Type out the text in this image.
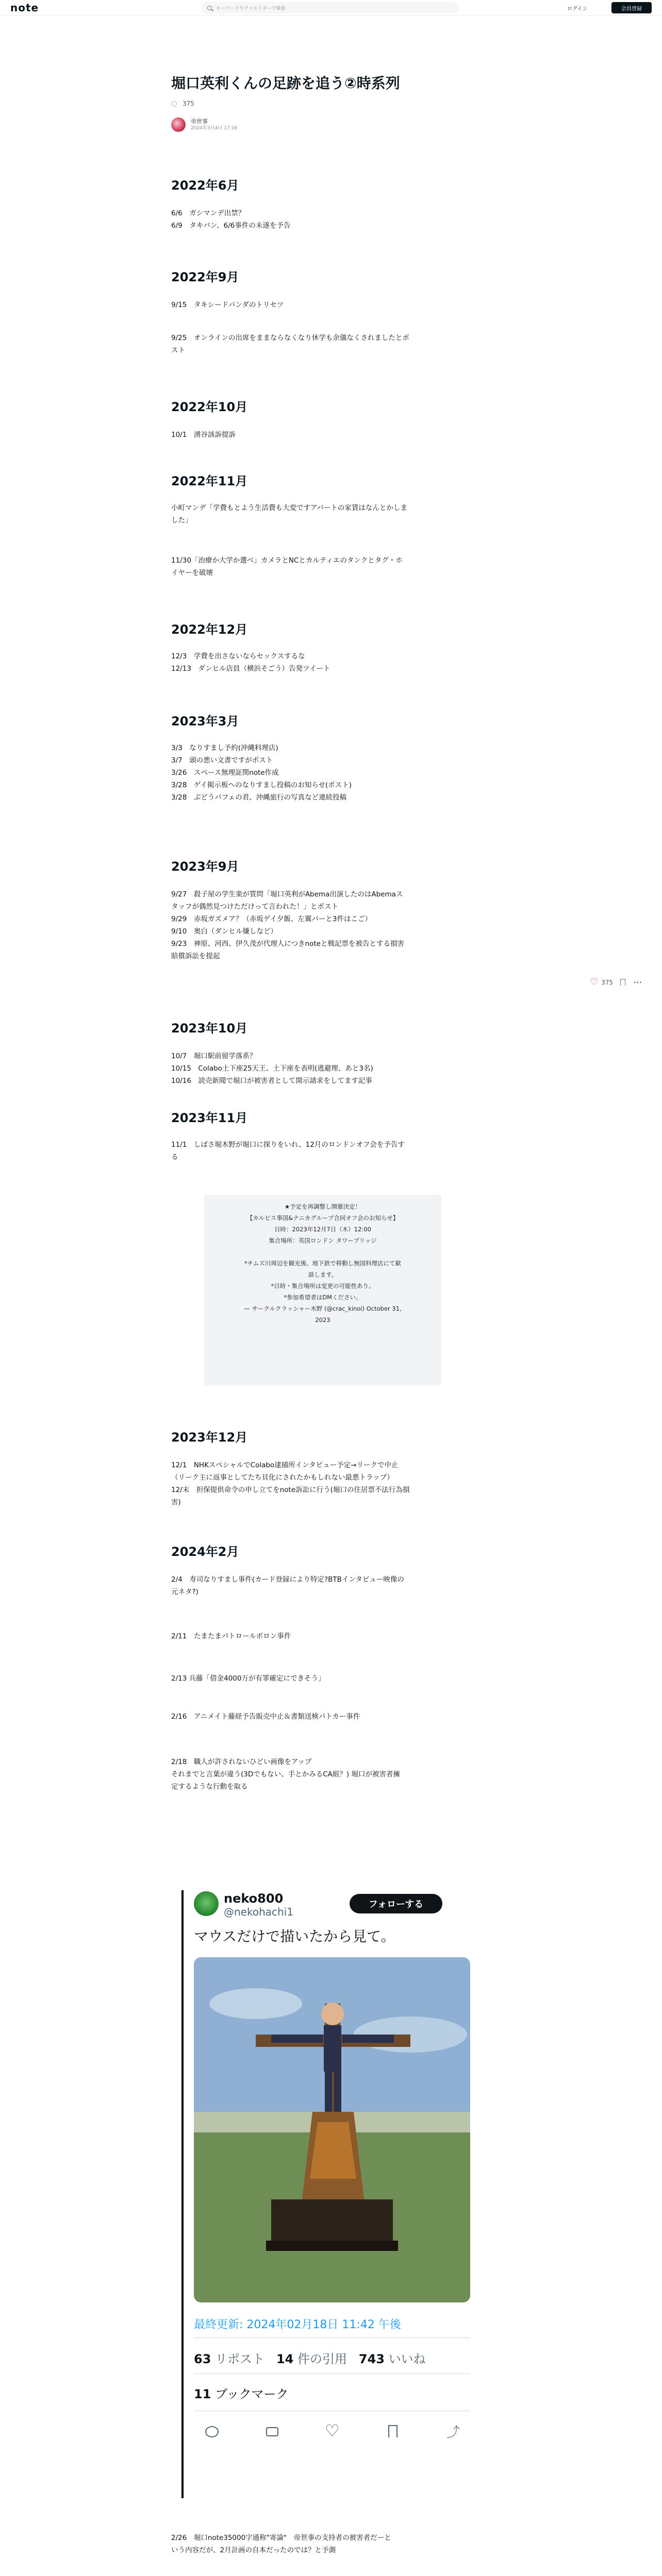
note	キーワードやクリエイターで検索	ログイン	会員登録
堀口英利くんの足跡を追う②時系列
375
帝世事
2024年3月4日 17:16
2022年6月
6/6　ガシマンデ出禁？
6/9　タキバン、6/6事件の未遂を予告
2022年9月
9/15　タキシードパンダのトリセツ
9/25　オンラインの出席をままならなくなり休学も余儀なくされましたとポ
スト
2022年10月
10/1　湧谷該訴提訴
2022年11月
小町マンデ「学費もとよう生活費も大変ですアパートの家賃はなんとかしま
した」
11/30「治療か大学か選べ」カメラとNCとカルティエのタンクとタグ・ホ
イヤーを破壊
2022年12月
12/3　学費を出さないならセックスするな
12/13　ダンヒル店員（横浜そごう）告発ツイート
2023年3月
3/3　なりすまし予約(沖縄料理店)
3/7　頭の悪い文書ですがポスト
3/26　スペース無理証関note作成
3/28　ゲイ掲示板へのなりすまし投稿のお知らせ(ポスト)
3/28　ぶどうパフェの君、沖縄旅行の写真など連続投稿
2023年9月
9/27　殺子屋の学生楽が質問「堀口英利がAbema出演したのはAbemaス
タッフが偶然見つけただけって言われた！」とポスト
9/29　赤坂ガズメア？（赤坂ゲイ夕飯、左翼パーと3件はこご）
9/10　奥白（ダンヒル嫌しなど）
9/23　神原、河西、伊久茂が代理人につきnoteと戦記票を被告とする損害
賠償訴訟を提起
2023年10月
10/7　堀口駅前留学落系？
10/15　Colabo土下座25天王、土下座を表明(逃避理、あと3名)
10/16　読売新聞で堀口が被害者として開示請求をしてます記事
2023年11月
11/1　しばさ堀木野が堀口に探りをいれ、12月のロンドンオフ会を予告す
る
2023年12月
12/1　NHKスペシャルでColabo逮捕所インタビュー予定→リークで中止
（リーク主に返事としてたち貝化にされたかもしれない最悪トラップ）
12/末　担保提供命令の申し立てをnote訴訟に行う(堀口の住居票不法行為損
害)
2024年2月
2/4　寿司なりすまし事件(カード登録により特定?BTBインタビュー映像の
元ネタ?)
2/11　たまたまパトロールボロン事件
2/13 兵藤「借金4000万が有罪確定にできそう」
2/16　アニメイト藤経予告販売中止＆書類送検パトカー事件
2/18　職人が許されないひどい画像をアップ
それまでと言葉が違う(3Dでもない、手とかみるCA組？) 堀口が被害者擁
定するような行動を取る
2/26　堀口note35000字通称"寄論"　帝世事の支持者の被害者だーと
いう内容だが、2月計画の自本だったのでは？と予測
★予定を再調整し開催決定！
【カルビス事国&ナニカグループ合同オフ会のお知らせ】
日時：2023年12月7日（木）12:00
集合場所：英国ロンドン タワーブリッジ

*チムズ川周辺を観光後、地下鉄で移動し無国料理店にて歓
談します。
*日時・集合場所は変更の可能性あり。
*参加希望者はDMください。
— サークルクラッシャー木野 (@crac_kinoi) October 31,
2023
neko800
@nekohachi1
フォローする
マウスだけで描いたから見て。
最終更新: 2024年02月18日 11:42 午後
63 リポスト 14 件の引用 743 いいね
11 ブックマーク
♡
⤴
♡ 375	···
